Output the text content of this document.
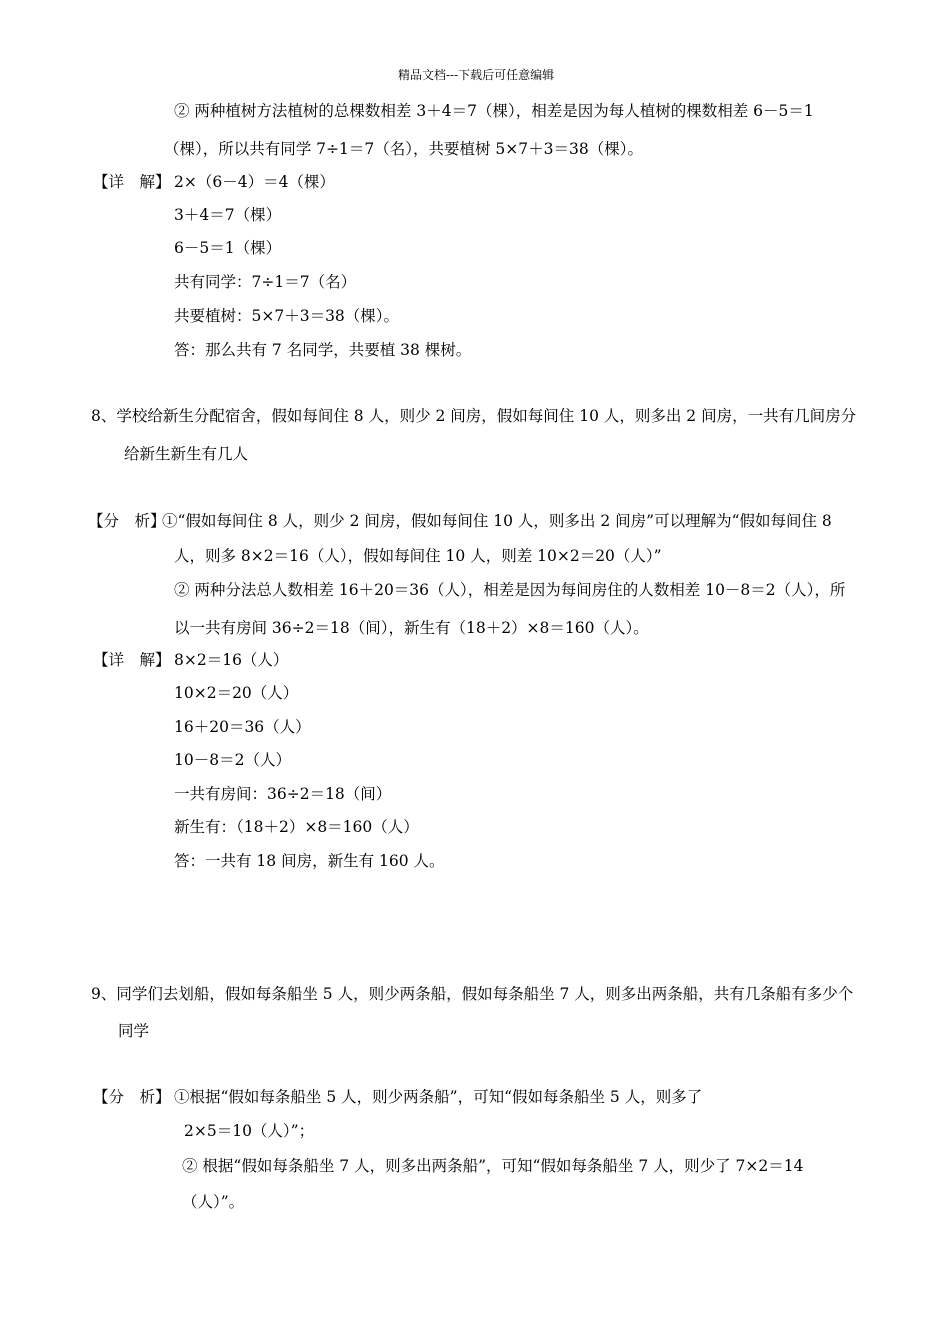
精品文档---下载后可任意编辑
② 两种植树方法植树的总棵数相差 3＋4＝7（棵），相差是因为每人植树的棵数相差 6－5＝1
（棵），所以共有同学 7÷1＝7（名），共要植树 5×7＋3＝38（棵）。
【详　解】 2×（6－4）＝4（棵）
3＋4＝7（棵）
6－5＝1（棵）
共有同学：7÷1＝7（名）
共要植树：5×7＋3＝38（棵）。
答：那么共有 7 名同学，共要植 38 棵树。
8、学校给新生分配宿舍，假如每间住 8 人，则少 2 间房，假如每间住 10 人，则多出 2 间房，一共有几间房分
给新生新生有几人
【分　析】
①“假如每间住 8 人，则少 2 间房，假如每间住 10 人，则多出 2 间房”可以理解为“假如每间住 8
人，则多 8×2＝16（人），假如每间住 10 人，则差 10×2＝20（人）”
② 两种分法总人数相差 16＋20＝36（人），相差是因为每间房住的人数相差 10－8＝2（人），所
以一共有房间 36÷2＝18（间），新生有（18＋2）×8＝160（人）。
【详　解】 8×2＝16（人）
10×2＝20（人）
16＋20＝36（人）
10－8＝2（人）
一共有房间：36÷2＝18（间）
新生有：（18＋2）×8＝160（人）
答：一共有 18 间房，新生有 160 人。
9、同学们去划船，假如每条船坐 5 人，则少两条船，假如每条船坐 7 人，则多出两条船，共有几条船有多少个
同学
【分　析】 ①根据“假如每条船坐 5 人，则少两条船”，可知“假如每条船坐 5 人，则多了
2×5＝10（人）”；
② 根据“假如每条船坐 7 人，则多出两条船”，可知“假如每条船坐 7 人，则少了 7×2＝14
（人）”。
